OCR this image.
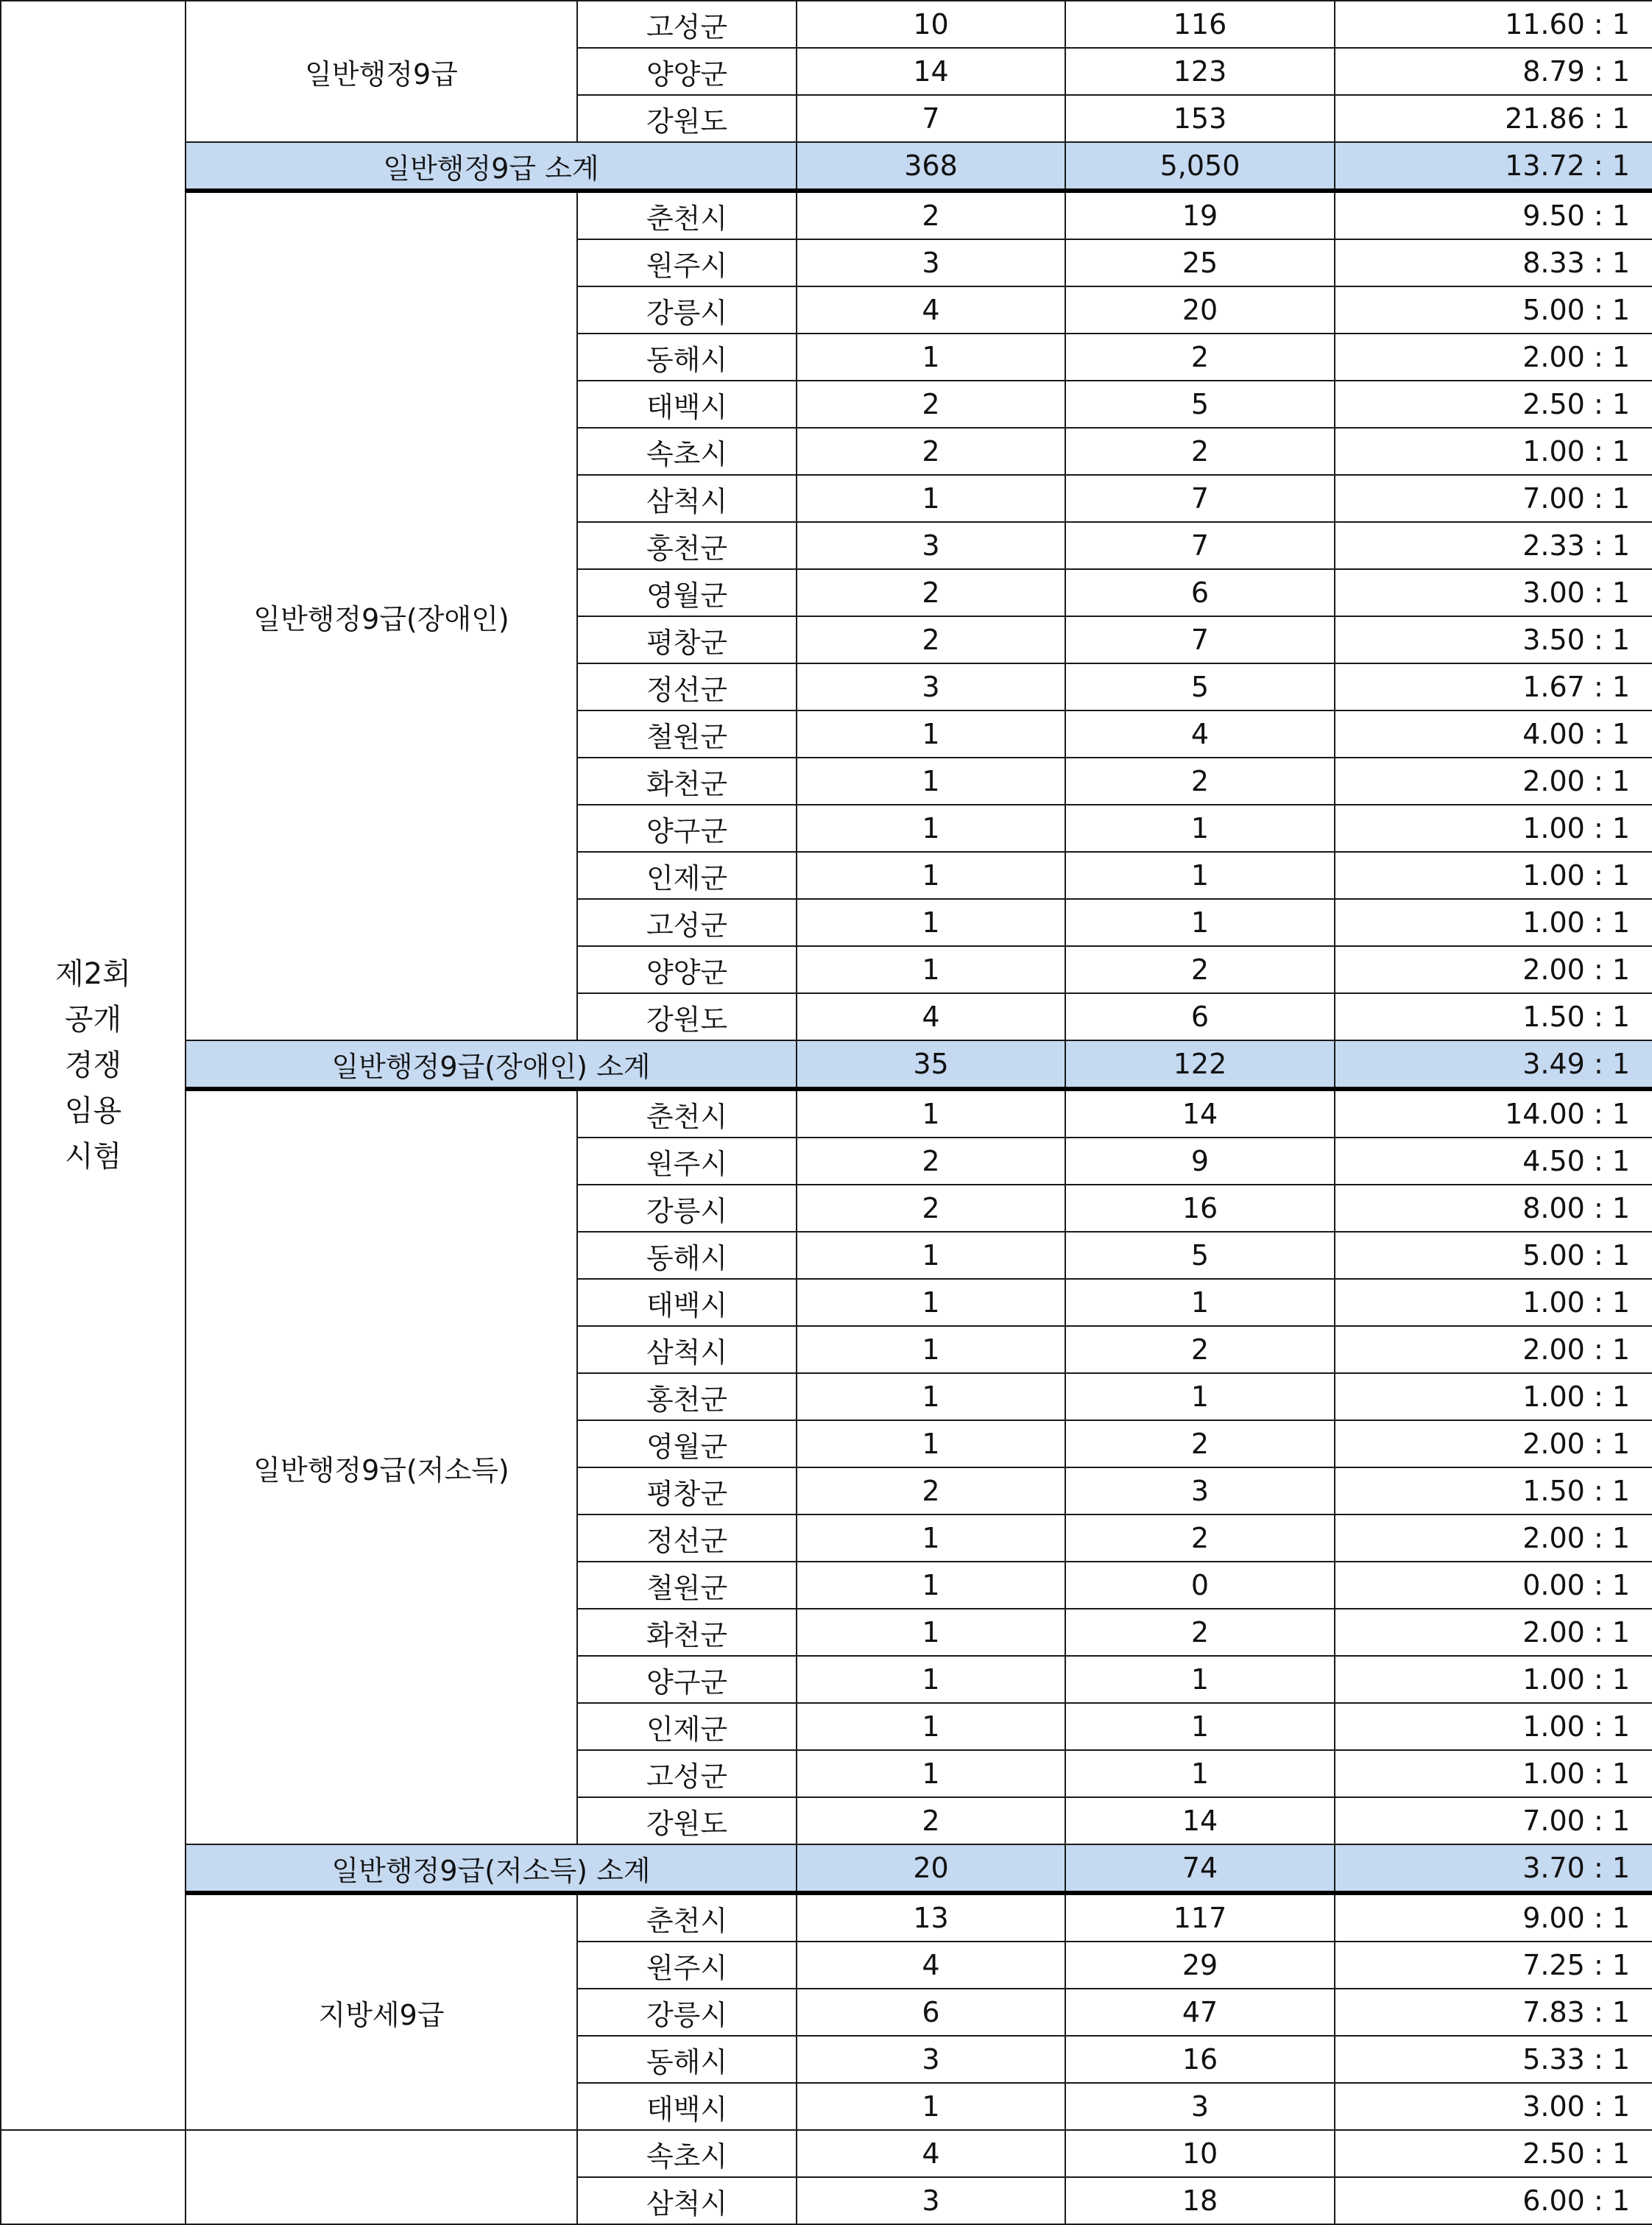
제2회
공개
경쟁
임용
시험	일반행정9급	고성군	10	116	11.60 : 1
		양양군	14	123	8.79 : 1
		강원도	7	153	21.86 : 1
	일반행정9급 소계		368	5,050	13.72 : 1
	일반행정9급(장애인)	춘천시	2	19	9.50 : 1
		원주시	3	25	8.33 : 1
		강릉시	4	20	5.00 : 1
		동해시	1	2	2.00 : 1
		태백시	2	5	2.50 : 1
		속초시	2	2	1.00 : 1
		삼척시	1	7	7.00 : 1
		홍천군	3	7	2.33 : 1
		영월군	2	6	3.00 : 1
		평창군	2	7	3.50 : 1
		정선군	3	5	1.67 : 1
		철원군	1	4	4.00 : 1
		화천군	1	2	2.00 : 1
		양구군	1	1	1.00 : 1
		인제군	1	1	1.00 : 1
		고성군	1	1	1.00 : 1
		양양군	1	2	2.00 : 1
		강원도	4	6	1.50 : 1
	일반행정9급(장애인) 소계		35	122	3.49 : 1
	일반행정9급(저소득)	춘천시	1	14	14.00 : 1
		원주시	2	9	4.50 : 1
		강릉시	2	16	8.00 : 1
		동해시	1	5	5.00 : 1
		태백시	1	1	1.00 : 1
		삼척시	1	2	2.00 : 1
		홍천군	1	1	1.00 : 1
		영월군	1	2	2.00 : 1
		평창군	2	3	1.50 : 1
		정선군	1	2	2.00 : 1
		철원군	1	0	0.00 : 1
		화천군	1	2	2.00 : 1
		양구군	1	1	1.00 : 1
		인제군	1	1	1.00 : 1
		고성군	1	1	1.00 : 1
		강원도	2	14	7.00 : 1
	일반행정9급(저소득) 소계		20	74	3.70 : 1
	지방세9급	춘천시	13	117	9.00 : 1
		원주시	4	29	7.25 : 1
		강릉시	6	47	7.83 : 1
		동해시	3	16	5.33 : 1
		태백시	1	3	3.00 : 1
		속초시	4	10	2.50 : 1
		삼척시	3	18	6.00 : 1
